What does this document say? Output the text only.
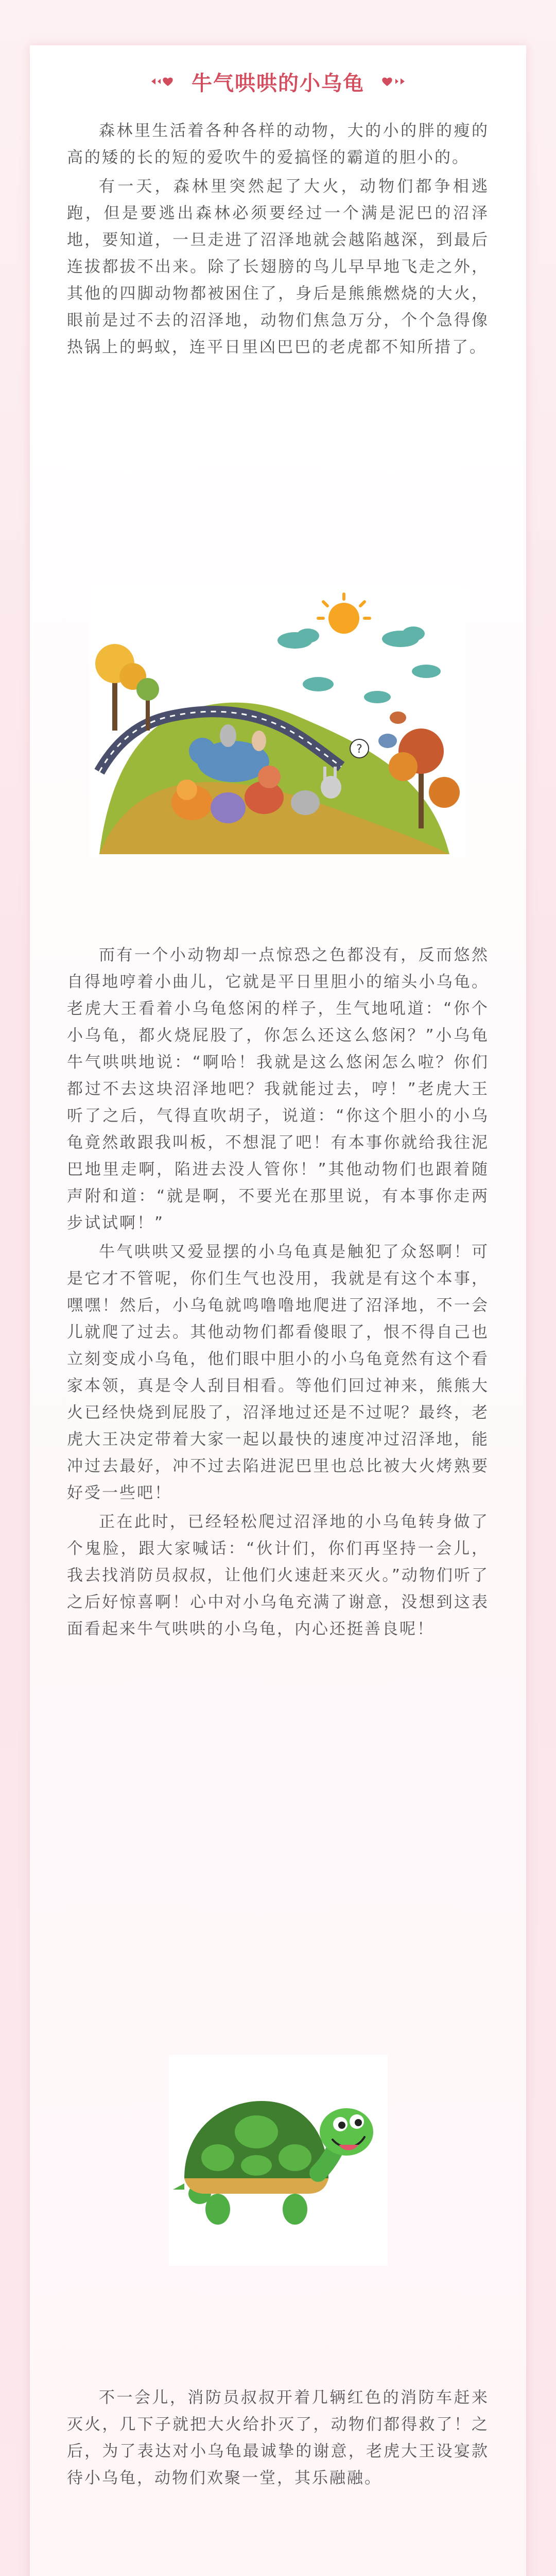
牛气哄哄的小乌龟

森林里生活着各种各样的动物，大的小的胖的瘦的高的矮的长的短的爱吹牛的爱搞怪的霸道的胆小的。

有一天，森林里突然起了大火，动物们都争相逃跑，但是要逃出森林必须要经过一个满是泥巴的沼泽地，要知道，一旦走进了沼泽地就会越陷越深，到最后连拔都拔不出来。除了长翅膀的鸟儿早早地飞走之外，其他的四脚动物都被困住了，身后是熊熊燃烧的大火，眼前是过不去的沼泽地，动物们焦急万分，个个急得像热锅上的蚂蚁，连平日里凶巴巴的老虎都不知所措了。

?

而有一个小动物却一点惊恐之色都没有，反而悠然自得地哼着小曲儿，它就是平日里胆小的缩头小乌龟。老虎大王看着小乌龟悠闲的样子，生气地吼道：“你个小乌龟，都火烧屁股了，你怎么还这么悠闲？”小乌龟牛气哄哄地说：“啊哈！我就是这么悠闲怎么啦？你们都过不去这块沼泽地吧？我就能过去，哼！”老虎大王听了之后，气得直吹胡子，说道：“你这个胆小的小乌龟竟然敢跟我叫板，不想混了吧！有本事你就给我往泥巴地里走啊，陷进去没人管你！”其他动物们也跟着随声附和道：“就是啊，不要光在那里说，有本事你走两步试试啊！”

牛气哄哄又爱显摆的小乌龟真是触犯了众怒啊！可是它才不管呢，你们生气也没用，我就是有这个本事，嘿嘿！然后，小乌龟就鸣噜噜地爬进了沼泽地，不一会儿就爬了过去。其他动物们都看傻眼了，恨不得自己也立刻变成小乌龟，他们眼中胆小的小乌龟竟然有这个看家本领，真是令人刮目相看。等他们回过神来，熊熊大火已经快烧到屁股了，沼泽地过还是不过呢？最终，老虎大王决定带着大家一起以最快的速度冲过沼泽地，能冲过去最好，冲不过去陷进泥巴里也总比被大火烤熟要好受一些吧！

正在此时，已经轻松爬过沼泽地的小乌龟转身做了个鬼脸，跟大家喊话：“伙计们，你们再坚持一会儿，我去找消防员叔叔，让他们火速赶来灭火。”动物们听了之后好惊喜啊！心中对小乌龟充满了谢意，没想到这表面看起来牛气哄哄的小乌龟，内心还挺善良呢！

不一会儿，消防员叔叔开着几辆红色的消防车赶来灭火，几下子就把大火给扑灭了，动物们都得救了！之后，为了表达对小乌龟最诚挚的谢意，老虎大王设宴款待小乌龟，动物们欢聚一堂，其乐融融。
